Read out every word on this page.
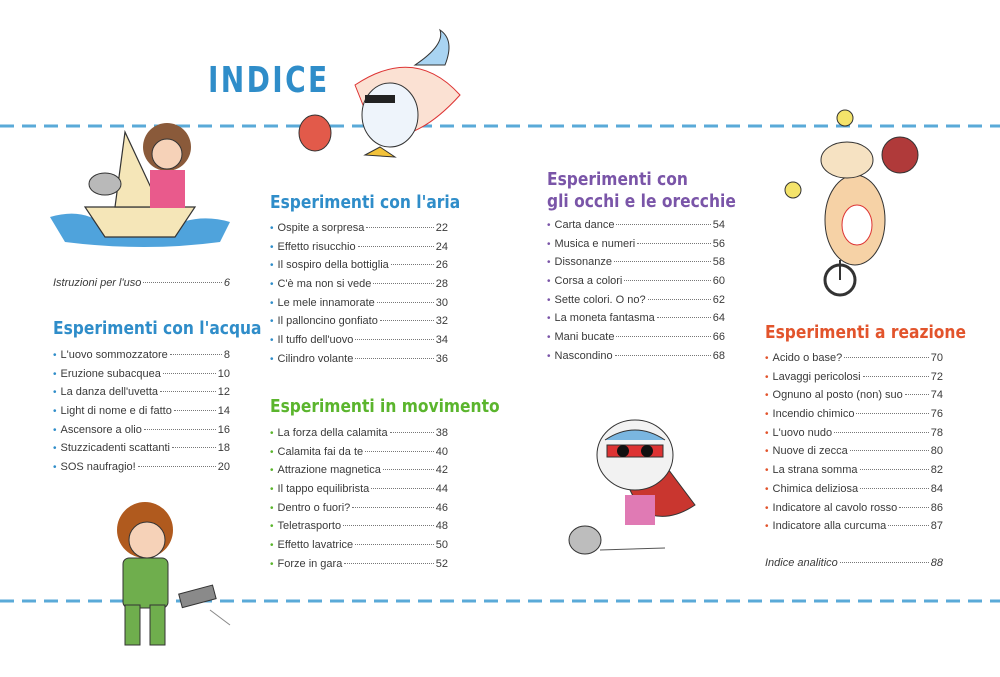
INDICE
Istruzioni per l'uso	6
Esperimenti con l'acqua
• L'uovo sommozzatore	8
• Eruzione subacquea	10
• La danza dell'uvetta	12
• Light di nome e di fatto	14
• Ascensore a olio	16
• Stuzzicadenti scattanti	18
• SOS naufragio!	20
Esperimenti con l'aria
• Ospite a sorpresa	22
• Effetto risucchio	24
• Il sospiro della bottiglia	26
• C'è ma non si vede	28
• Le mele innamorate	30
• Il palloncino gonfiato	32
• Il tuffo dell'uovo	34
• Cilindro volante	36
Esperimenti in movimento
• La forza della calamita	38
• Calamita fai da te	40
• Attrazione magnetica	42
• Il tappo equilibrista	44
• Dentro o fuori?	46
• Teletrasporto	48
• Effetto lavatrice	50
• Forze in gara	52
Esperimenti con
gli occhi e le orecchie
• Carta dance	54
• Musica e numeri	56
• Dissonanze	58
• Corsa a colori	60
• Sette colori. O no?	62
• La moneta fantasma	64
• Mani bucate	66
• Nascondino	68
Esperimenti a reazione
• Acido o base?	70
• Lavaggi pericolosi	72
• Ognuno al posto (non) suo	74
• Incendio chimico	76
• L'uovo nudo	78
• Nuove di zecca	80
• La strana somma	82
• Chimica deliziosa	84
• Indicatore al cavolo rosso	86
• Indicatore alla curcuma	87
Indice analitico	88
